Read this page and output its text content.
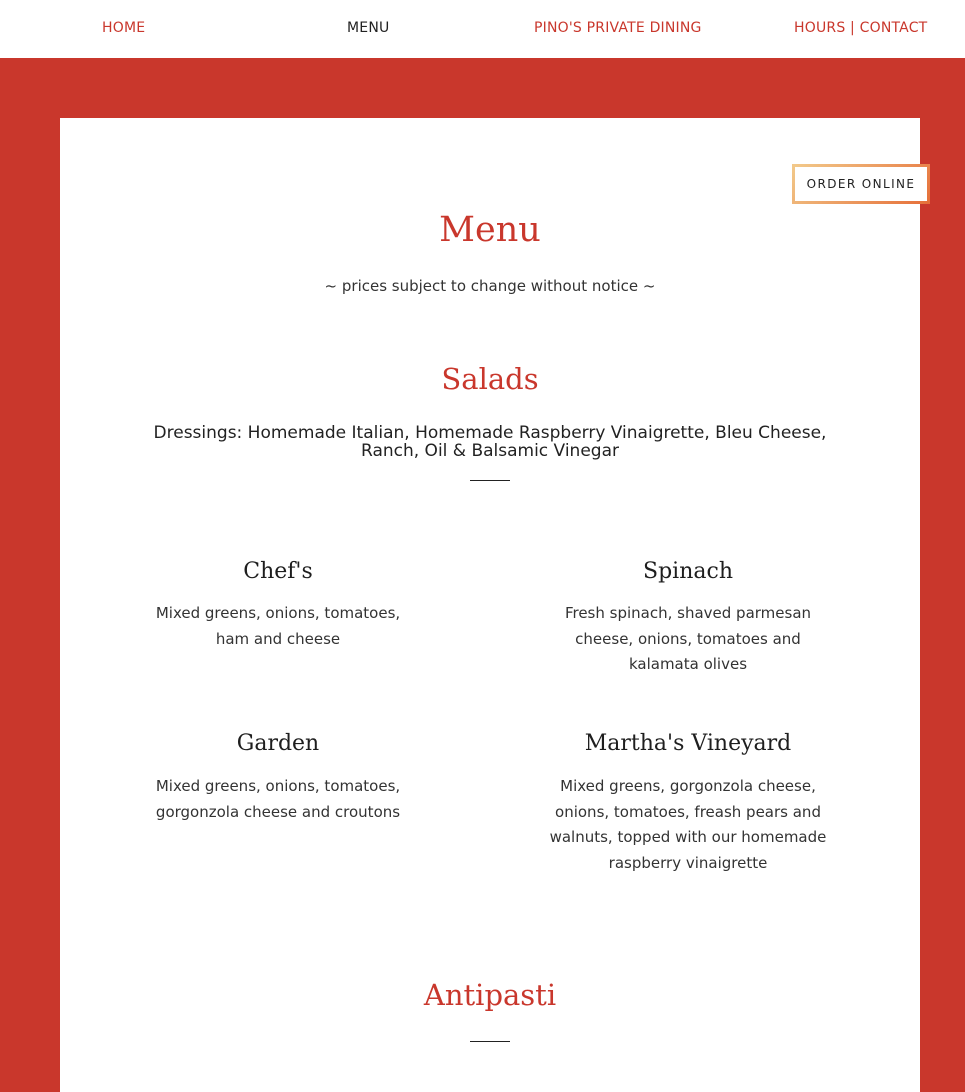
HOME	MENU	PINO'S PRIVATE DINING	HOURS | CONTACT
ORDER ONLINE
Menu
~ prices subject to change without notice ~
Salads
Dressings: Homemade Italian, Homemade Raspberry Vinaigrette, Bleu Cheese, Ranch, Oil & Balsamic Vinegar
Chef's
Mixed greens, onions, tomatoes, ham and cheese
Spinach
Fresh spinach, shaved parmesan cheese, onions, tomatoes and kalamata olives
Garden
Mixed greens, onions, tomatoes, gorgonzola cheese and croutons
Martha's Vineyard
Mixed greens, gorgonzola cheese, onions, tomatoes, freash pears and walnuts, topped with our homemade raspberry vinaigrette
Antipasti
